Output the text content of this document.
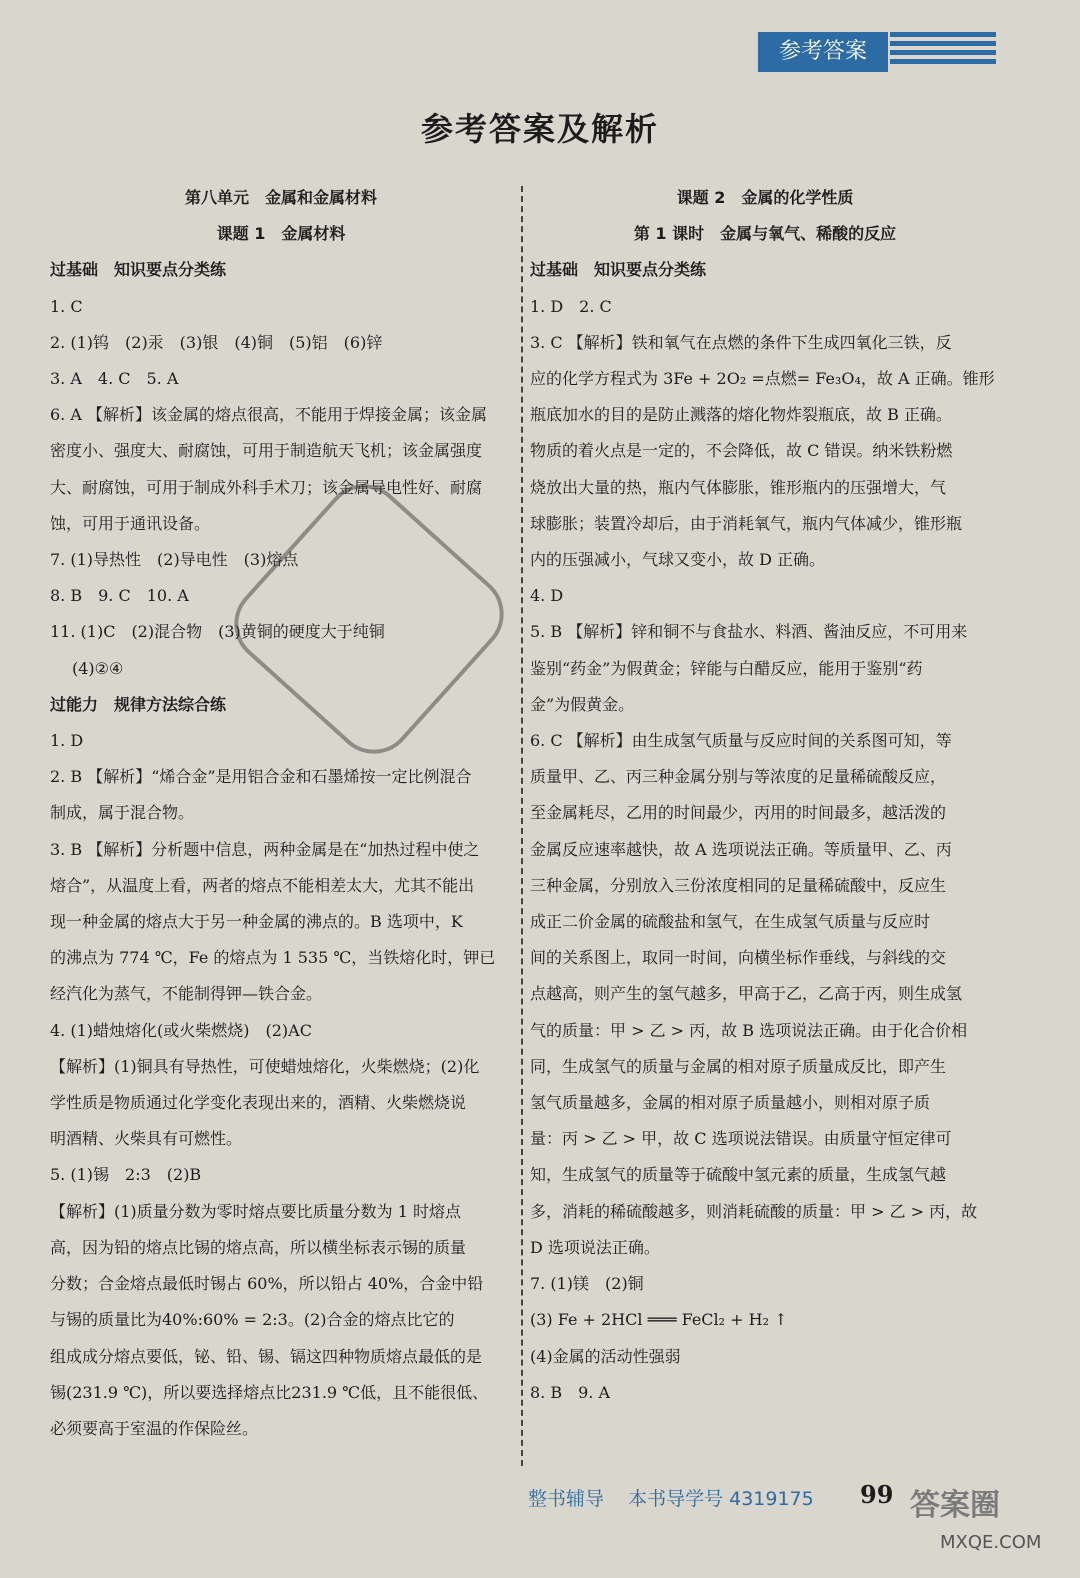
参考答案
参考答案及解析
第八单元　金属和金属材料
课题 1　金属材料
过基础　知识要点分类练
1. C
2. (1)钨　(2)汞　(3)银　(4)铜　(5)铝　(6)锌
3. A　4. C　5. A
6. A 【解析】该金属的熔点很高，不能用于焊接金属；该金属
密度小、强度大、耐腐蚀，可用于制造航天飞机；该金属强度
大、耐腐蚀，可用于制成外科手术刀；该金属导电性好、耐腐
蚀，可用于通讯设备。
7. (1)导热性　(2)导电性　(3)熔点
8. B　9. C　10. A
11. (1)C　(2)混合物　(3)黄铜的硬度大于纯铜
(4)②④
过能力　规律方法综合练
1. D
2. B 【解析】“烯合金”是用铝合金和石墨烯按一定比例混合
制成，属于混合物。
3. B 【解析】分析题中信息，两种金属是在“加热过程中使之
熔合”，从温度上看，两者的熔点不能相差太大，尤其不能出
现一种金属的熔点大于另一种金属的沸点的。B 选项中，K
的沸点为 774 ℃，Fe 的熔点为 1 535 ℃，当铁熔化时，钾已
经汽化为蒸气，不能制得钾—铁合金。
4. (1)蜡烛熔化(或火柴燃烧)　(2)AC
【解析】(1)铜具有导热性，可使蜡烛熔化，火柴燃烧；(2)化
学性质是物质通过化学变化表现出来的，酒精、火柴燃烧说
明酒精、火柴具有可燃性。
5. (1)锡　2:3　(2)B
【解析】(1)质量分数为零时熔点要比质量分数为 1 时熔点
高，因为铅的熔点比锡的熔点高，所以横坐标表示锡的质量
分数；合金熔点最低时锡占 60%，所以铅占 40%，合金中铅
与锡的质量比为40%:60% = 2:3。(2)合金的熔点比它的
组成成分熔点要低，铋、铅、锡、镉这四种物质熔点最低的是
锡(231.9 ℃)，所以要选择熔点比231.9 ℃低，且不能很低、
必须要高于室温的作保险丝。
课题 2　金属的化学性质
第 1 课时　金属与氧气、稀酸的反应
过基础　知识要点分类练
1. D　2. C
3. C 【解析】铁和氧气在点燃的条件下生成四氧化三铁，反
应的化学方程式为 3Fe + 2O₂ =点燃= Fe₃O₄，故 A 正确。锥形
瓶底加水的目的是防止溅落的熔化物炸裂瓶底，故 B 正确。
物质的着火点是一定的，不会降低，故 C 错误。纳米铁粉燃
烧放出大量的热，瓶内气体膨胀，锥形瓶内的压强增大，气
球膨胀；装置冷却后，由于消耗氧气，瓶内气体减少，锥形瓶
内的压强减小，气球又变小，故 D 正确。
4. D
5. B 【解析】锌和铜不与食盐水、料酒、酱油反应，不可用来
鉴别“药金”为假黄金；锌能与白醋反应，能用于鉴别“药
金”为假黄金。
6. C 【解析】由生成氢气质量与反应时间的关系图可知，等
质量甲、乙、丙三种金属分别与等浓度的足量稀硫酸反应，
至金属耗尽，乙用的时间最少，丙用的时间最多，越活泼的
金属反应速率越快，故 A 选项说法正确。等质量甲、乙、丙
三种金属，分别放入三份浓度相同的足量稀硫酸中，反应生
成正二价金属的硫酸盐和氢气，在生成氢气质量与反应时
间的关系图上，取同一时间，向横坐标作垂线，与斜线的交
点越高，则产生的氢气越多，甲高于乙，乙高于丙，则生成氢
气的质量：甲 > 乙 > 丙，故 B 选项说法正确。由于化合价相
同，生成氢气的质量与金属的相对原子质量成反比，即产生
氢气质量越多，金属的相对原子质量越小，则相对原子质
量：丙 > 乙 > 甲，故 C 选项说法错误。由质量守恒定律可
知，生成氢气的质量等于硫酸中氢元素的质量，生成氢气越
多，消耗的稀硫酸越多，则消耗硫酸的质量：甲 > 乙 > 丙，故
D 选项说法正确。
7. (1)镁　(2)铜
(3) Fe + 2HCl ═══ FeCl₂ + H₂ ↑
(4)金属的活动性强弱
8. B　9. A
整书辅导 本书导学号 4319175	99 答案圈
MXQE.COM
